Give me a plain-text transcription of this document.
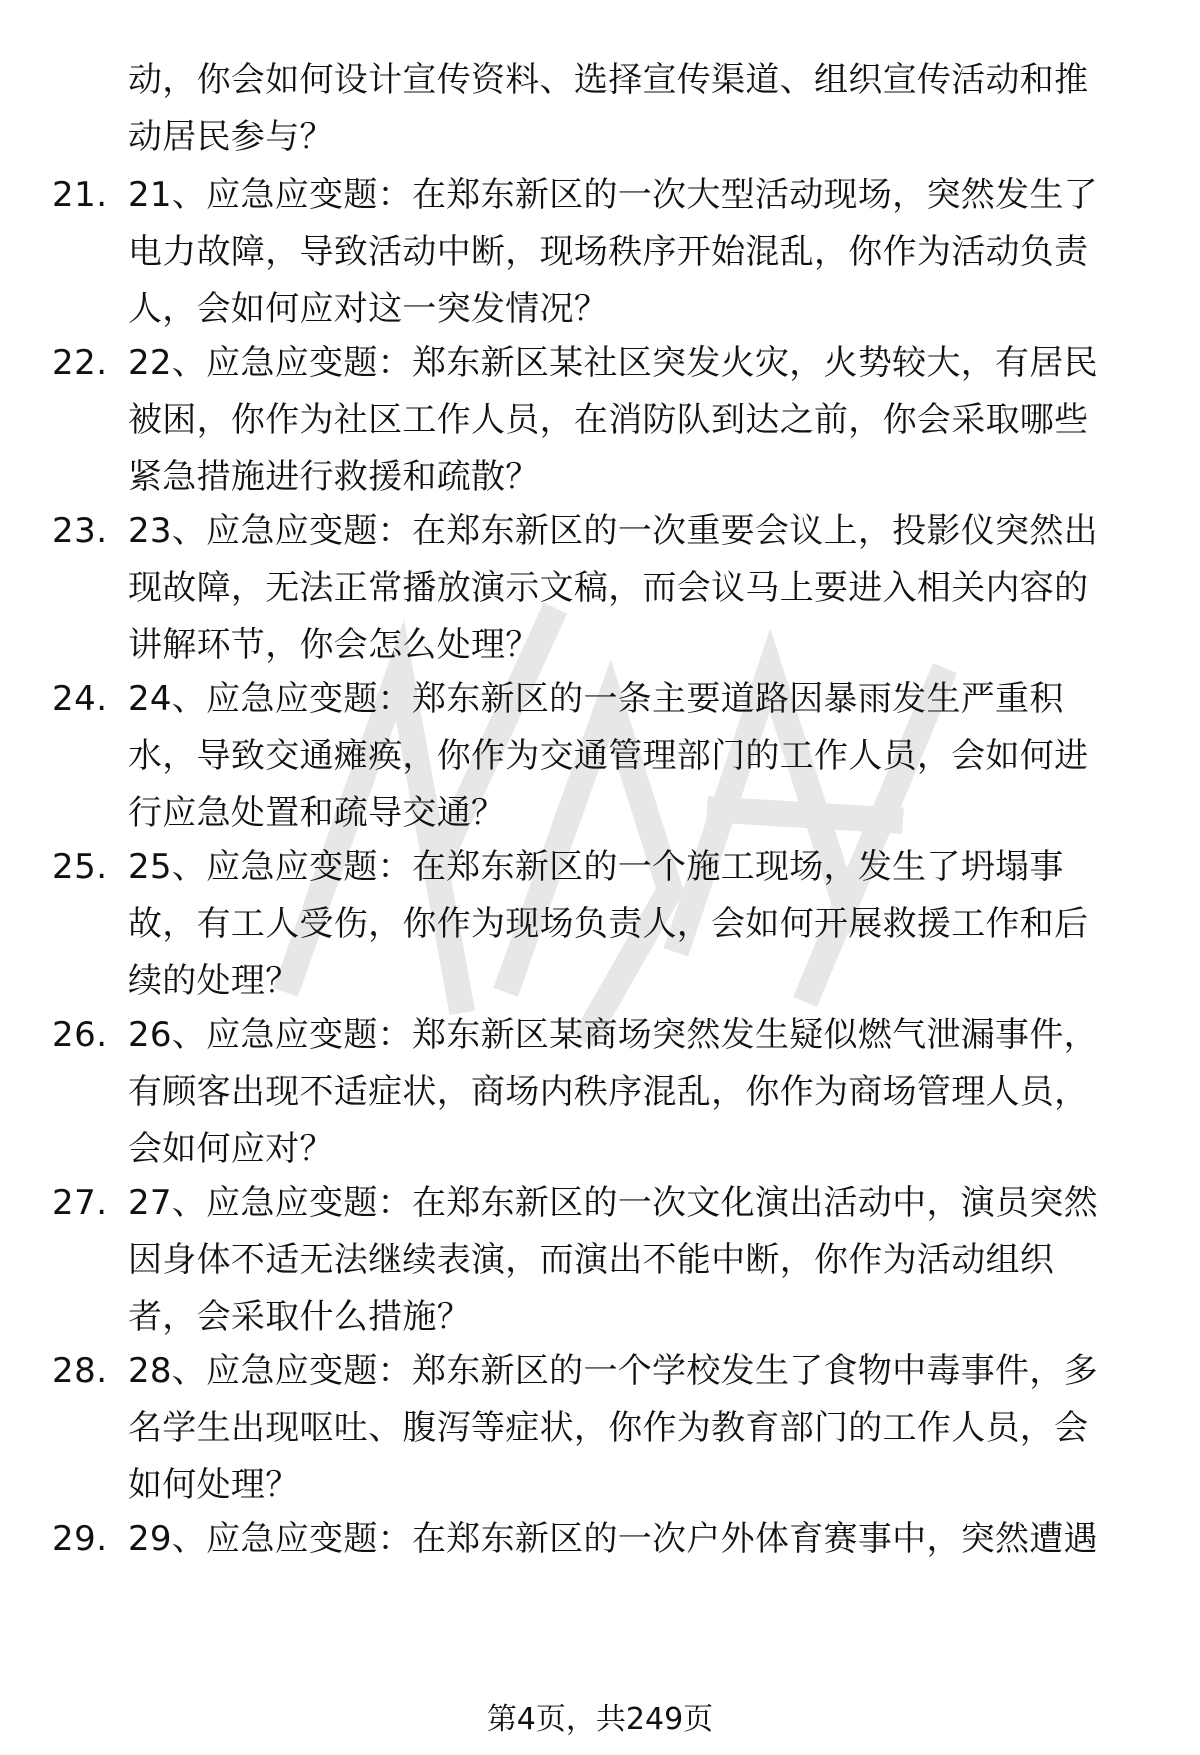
动，你会如何设计宣传资料、选择宣传渠道、组织宣传活动和推
动居民参与？
21. 21、应急应变题：在郑东新区的一次大型活动现场，突然发生了
电力故障，导致活动中断，现场秩序开始混乱，你作为活动负责
人，会如何应对这一突发情况？
22. 22、应急应变题：郑东新区某社区突发火灾，火势较大，有居民
被困，你作为社区工作人员，在消防队到达之前，你会采取哪些
紧急措施进行救援和疏散？
23. 23、应急应变题：在郑东新区的一次重要会议上，投影仪突然出
现故障，无法正常播放演示文稿，而会议马上要进入相关内容的
讲解环节，你会怎么处理？
24. 24、应急应变题：郑东新区的一条主要道路因暴雨发生严重积
水，导致交通瘫痪，你作为交通管理部门的工作人员，会如何进
行应急处置和疏导交通？
25. 25、应急应变题：在郑东新区的一个施工现场，发生了坍塌事
故，有工人受伤，你作为现场负责人，会如何开展救援工作和后
续的处理？
26. 26、应急应变题：郑东新区某商场突然发生疑似燃气泄漏事件，
有顾客出现不适症状，商场内秩序混乱，你作为商场管理人员，
会如何应对？
27. 27、应急应变题：在郑东新区的一次文化演出活动中，演员突然
因身体不适无法继续表演，而演出不能中断，你作为活动组织
者，会采取什么措施？
28. 28、应急应变题：郑东新区的一个学校发生了食物中毒事件，多
名学生出现呕吐、腹泻等症状，你作为教育部门的工作人员，会
如何处理？
29. 29、应急应变题：在郑东新区的一次户外体育赛事中，突然遭遇
第4页，共249页
